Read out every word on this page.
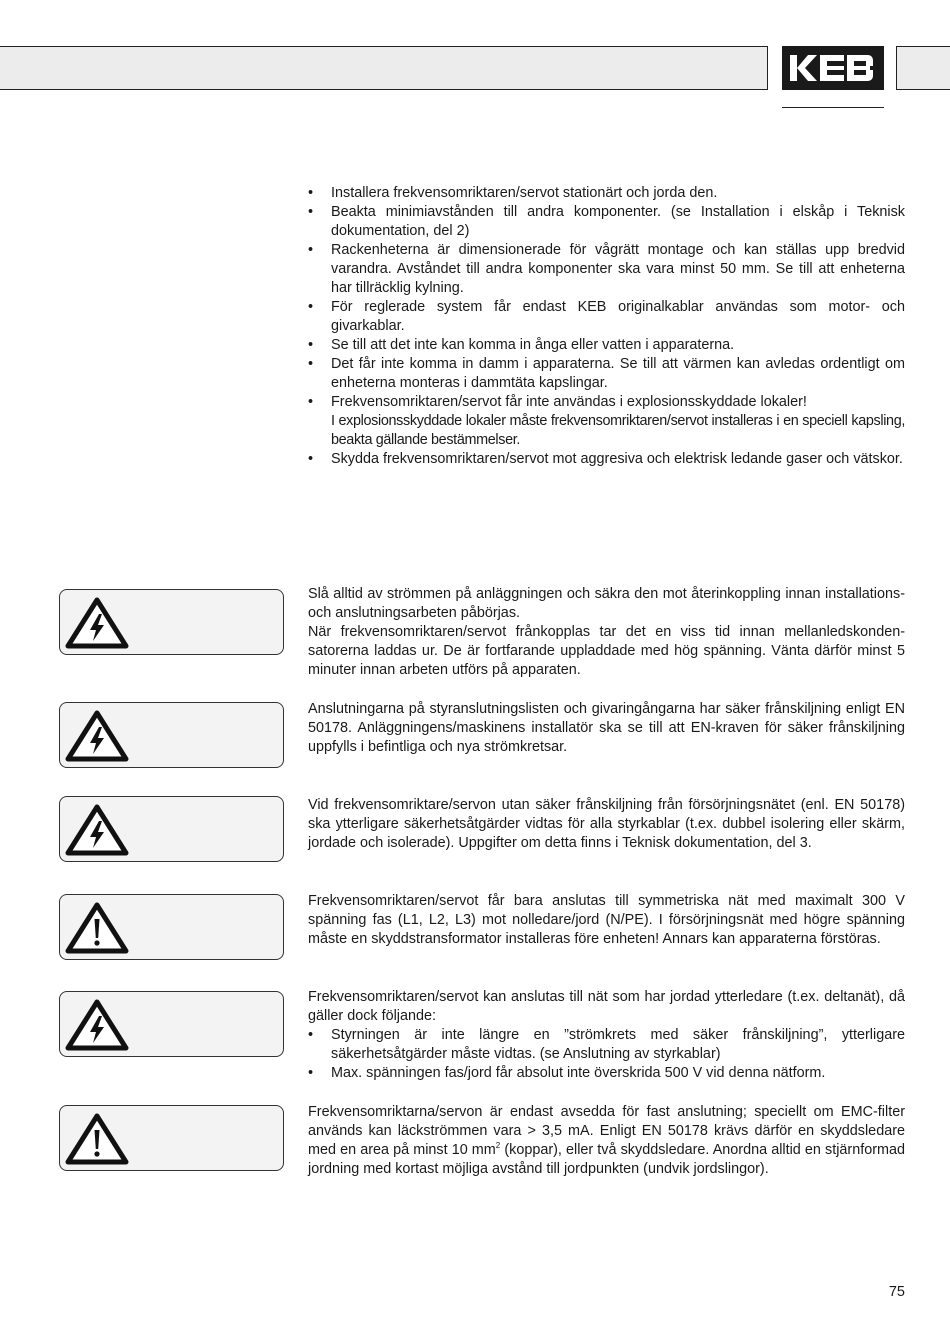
• Installera frekvensomriktaren/servot stationärt och jorda den.
• Beakta minimiavstånden till andra komponenter. (se Installation i elskåp i Teknisk dokumentation, del 2)
• Rackenheterna är dimensionerade för vågrätt montage och kan ställas upp bredvid varandra. Avståndet till andra komponenter ska vara minst 50 mm. Se till att enheterna har tillräcklig kylning.
• För reglerade system får endast KEB originalkablar användas som motor- och givarkablar.
• Se till att det inte kan komma in ånga eller vatten i apparaterna.
• Det får inte komma in damm i apparaterna. Se till att värmen kan avledas ordentligt om enheterna monteras i dammtäta kapslingar.
• Frekvensomriktaren/servot får inte användas i explosionsskyddade lokaler!
I explosionsskyddade lokaler måste frekvensomriktaren/servot installeras i en speciell kapsling, beakta gällande bestämmelser.
• Skydda frekvensomriktaren/servot mot aggresiva och elektrisk ledande gaser och vätskor.

Slå alltid av strömmen på anläggningen och säkra den mot återinkoppling innan installations- och anslutningsarbeten påbörjas.

När frekvensomriktaren/servot frånkopplas tar det en viss tid innan mellanledskonden-satorerna laddas ur. De är fortfarande uppladdade med hög spänning. Vänta därför minst 5 minuter innan arbeten utförs på apparaten.

Anslutningarna på styranslutningslisten och givaringångarna har säker frånskiljning enligt EN 50178. Anläggningens/maskinens installatör ska se till att EN-kraven för säker frånskiljning uppfylls i befintliga och nya strömkretsar.

Vid frekvensomriktare/servon utan säker frånskiljning från försörjningsnätet (enl. EN 50178) ska ytterligare säkerhetsåtgärder vidtas för alla styrkablar (t.ex. dubbel isolering eller skärm, jordade och isolerade). Uppgifter om detta finns i Teknisk dokumentation, del 3.

Frekvensomriktaren/servot får bara anslutas till symmetriska nät med maximalt 300 V spänning fas (L1, L2, L3) mot nolledare/jord (N/PE). I försörjningsnät med högre spänning måste en skyddstransformator installeras före enheten! Annars kan apparaterna förstöras.

Frekvensomriktaren/servot kan anslutas till nät som har jordad ytterledare (t.ex. deltanät), då gäller dock följande:

• Styrningen är inte längre en ”strömkrets med säker frånskiljning”, ytterligare säkerhetsåtgärder måste vidtas. (se Anslutning av styrkablar)
• Max. spänningen fas/jord får absolut inte överskrida 500 V vid denna nätform.

Frekvensomriktarna/servon är endast avsedda för fast anslutning; speciellt om EMC-filter används kan läckströmmen vara > 3,5 mA. Enligt EN 50178 krävs därför en skyddsledare med en area på minst 10 $mm^2$ (koppar), eller två skyddsledare. Anordna alltid en stjärnformad jordning med kortast möjliga avstånd till jordpunkten (undvik jordslingor).

75
